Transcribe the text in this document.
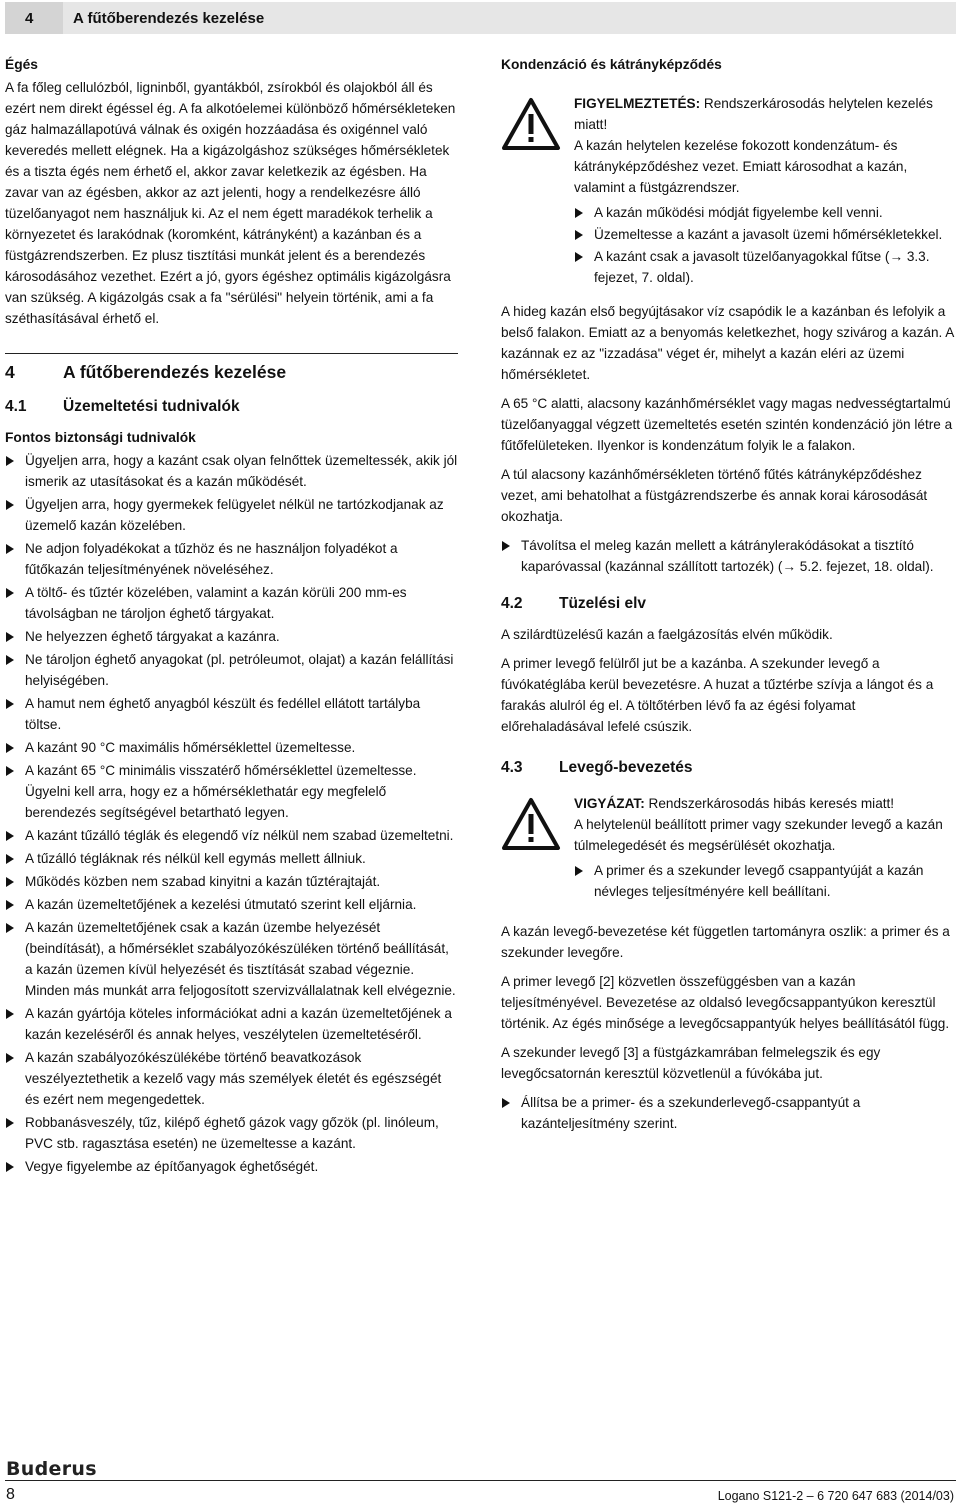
4	A fűtőberendezés kezelése
Égés

A fa főleg cellulózból, ligninből, gyantákból, zsírokból és olajokból áll és ezért nem direkt égéssel ég. A fa alkotóelemei különböző hőmérsékleteken gáz halmazállapotúvá válnak és oxigén hozzáadása és oxigénnel való keveredés mellett elégnek. Ha a kigázolgáshoz szükséges hőmérsékletek és a tiszta égés nem érhető el, akkor zavar keletkezik az égésben. Ha zavar van az égésben, akkor az azt jelenti, hogy a rendelkezésre álló tüzelőanyagot nem használjuk ki. Az el nem égett maradékok terhelik a környezetet és larakódnak (koromként, kátrányként) a kazánban és a füstgázrendszerben. Ez plusz tisztítási munkát jelent és a berendezés károsodásához vezethet. Ezért a jó, gyors égéshez optimális kigázolgásra van szükség. A kigázolgás csak a fa "sérülési" helyein történik, ami a fa széthasításával érhető el.

4	A fűtőberendezés kezelése
4.1 Üzemeltetési tudnivalók
Fontos biztonsági tudnivalók
Ügyeljen arra, hogy a kazánt csak olyan felnőttek üzemeltessék, akik jól ismerik az utasításokat és a kazán működését.
Ügyeljen arra, hogy gyermekek felügyelet nélkül ne tartózkodjanak az üzemelő kazán közelében.
Ne adjon folyadékokat a tűzhöz és ne használjon folyadékot a fűtőkazán teljesítményének növeléséhez.
A töltő- és tűztér közelében, valamint a kazán körüli 200 mm-es távolságban ne tároljon éghető tárgyakat.
Ne helyezzen éghető tárgyakat a kazánra.
Ne tároljon éghető anyagokat (pl. petróleumot, olajat) a kazán felállítási helyiségében.
A hamut nem éghető anyagból készült és fedéllel ellátott tartályba töltse.
A kazánt 90 °C maximális hőmérséklettel üzemeltesse.
A kazánt 65 °C minimális visszatérő hőmérséklettel üzemeltesse. Ügyelni kell arra, hogy ez a hőmérséklethatár egy megfelelő berendezés segítségével betartható legyen.
A kazánt tűzálló téglák és elegendő víz nélkül nem szabad üzemeltetni.
A tűzálló tégláknak rés nélkül kell egymás mellett állniuk.
Működés közben nem szabad kinyitni a kazán tűztérajtaját.
A kazán üzemeltetőjének a kezelési útmutató szerint kell eljárnia.
A kazán üzemeltetőjének csak a kazán üzembe helyezését (beindítását), a hőmérséklet szabályozókészüléken történő beállítását, a kazán üzemen kívül helyezését és tisztítását szabad végeznie. Minden más munkát arra feljogosított szervizvállalatnak kell elvégeznie.
A kazán gyártója köteles információkat adni a kazán üzemeltetőjének a kazán kezeléséről és annak helyes, veszélytelen üzemeltetéséről.
A kazán szabályozókészülékébe történő beavatkozások veszélyeztethetik a kezelő vagy más személyek életét és egészségét és ezért nem megengedettek.
Robbanásveszély, tűz, kilépő éghető gázok vagy gőzök (pl. linóleum, PVC stb. ragasztása esetén) ne üzemeltesse a kazánt.
Vegye figyelembe az építőanyagok éghetőségét.
Kondenzáció és kátrányképződés

FIGYELMEZTETÉS: Rendszerkárosodás helytelen kezelés miatt!

A kazán helytelen kezelése fokozott kondenzátum- és kátrányképződéshez vezet. Emiatt károsodhat a kazán, valamint a füstgázrendszer.

A kazán működési módját figyelembe kell venni.
Üzemeltesse a kazánt a javasolt üzemi hőmérsékletekkel.
A kazánt csak a javasolt tüzelőanyagokkal fűtse (→ 3.3. fejezet, 7. oldal).

A hideg kazán első begyújtásakor víz csapódik le a kazánban és lefolyik a belső falakon. Emiatt az a benyomás keletkezhet, hogy szivárog a kazán. A kazánnak ez az "izzadása" véget ér, mihelyt a kazán eléri az üzemi hőmérsékletet.

A 65 °C alatti, alacsony kazánhőmérséklet vagy magas nedvességtartalmú tüzelőanyaggal végzett üzemeltetés esetén szintén kondenzáció jön létre a fűtőfelületeken. Ilyenkor is kondenzátum folyik le a falakon.

A túl alacsony kazánhőmérsékleten történő fűtés kátrányképződéshez vezet, ami behatolhat a füstgázrendszerbe és annak korai károsodását okozhatja.

Távolítsa el meleg kazán mellett a kátránylerakódásokat a tisztító kaparóvassal (kazánnal szállított tartozék) (→ 5.2. fejezet, 18. oldal).
4.2 Tüzelési elv

A szilárdtüzelésű kazán a faelgázosítás elvén működik.

A primer levegő felülről jut be a kazánba. A szekunder levegő a fúvókatéglába kerül bevezetésre. A huzat a tűztérbe szívja a lángot és a farakás alulról ég el. A töltőtérben lévő fa az égési folyamat előrehaladásával lefelé csúszik.

4.3 Levegő-bevezetés

VIGYÁZAT: Rendszerkárosodás hibás keresés miatt!

A helytelenül beállított primer vagy szekunder levegő a kazán túlmelegedését és megsérülését okozhatja.

A primer és a szekunder levegő csappantyúját a kazán névleges teljesítményére kell beállítani.

A kazán levegő-bevezetése két független tartományra oszlik: a primer és a szekunder levegőre.

A primer levegő [2] közvetlen összefüggésben van a kazán teljesítményével. Bevezetése az oldalsó levegőcsappantyúkon keresztül történik. Az égés minősége a levegőcsappantyúk helyes beállításától függ.

A szekunder levegő [3] a füstgázkamrában felmelegszik és egy levegőcsatornán keresztül közvetlenül a fúvókába jut.

Állítsa be a primer- és a szekunderlevegő-csappantyút a kazánteljesítmény szerint.
Buderus
8	Logano S121-2 – 6 720 647 683 (2014/03)
